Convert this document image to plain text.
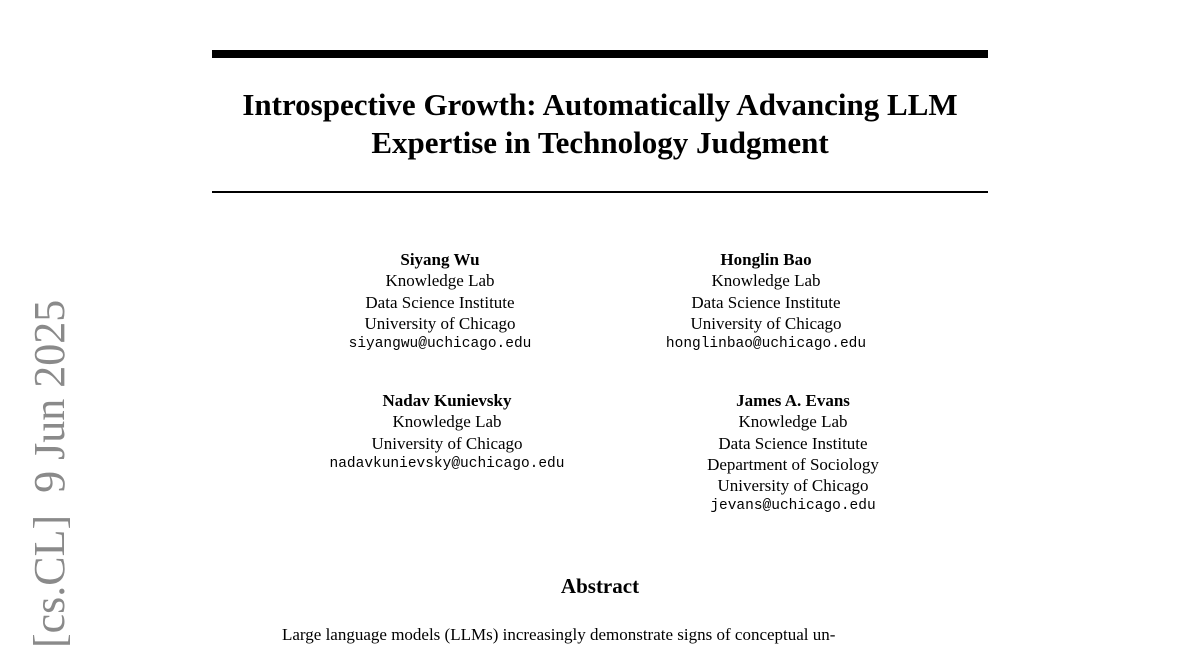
Introspective Growth: Automatically Advancing LLM Expertise in Technology Judgment
Siyang Wu
Knowledge Lab
Data Science Institute
University of Chicago
siyangwu@uchicago.edu
Honglin Bao
Knowledge Lab
Data Science Institute
University of Chicago
honglinbao@uchicago.edu
Nadav Kunievsky
Knowledge Lab
University of Chicago
nadavkunievsky@uchicago.edu
James A. Evans
Knowledge Lab
Data Science Institute
Department of Sociology
University of Chicago
jevans@uchicago.edu
Abstract
Large language models (LLMs) increasingly demonstrate signs of conceptual un-
[cs.CL]  9 Jun 2025
